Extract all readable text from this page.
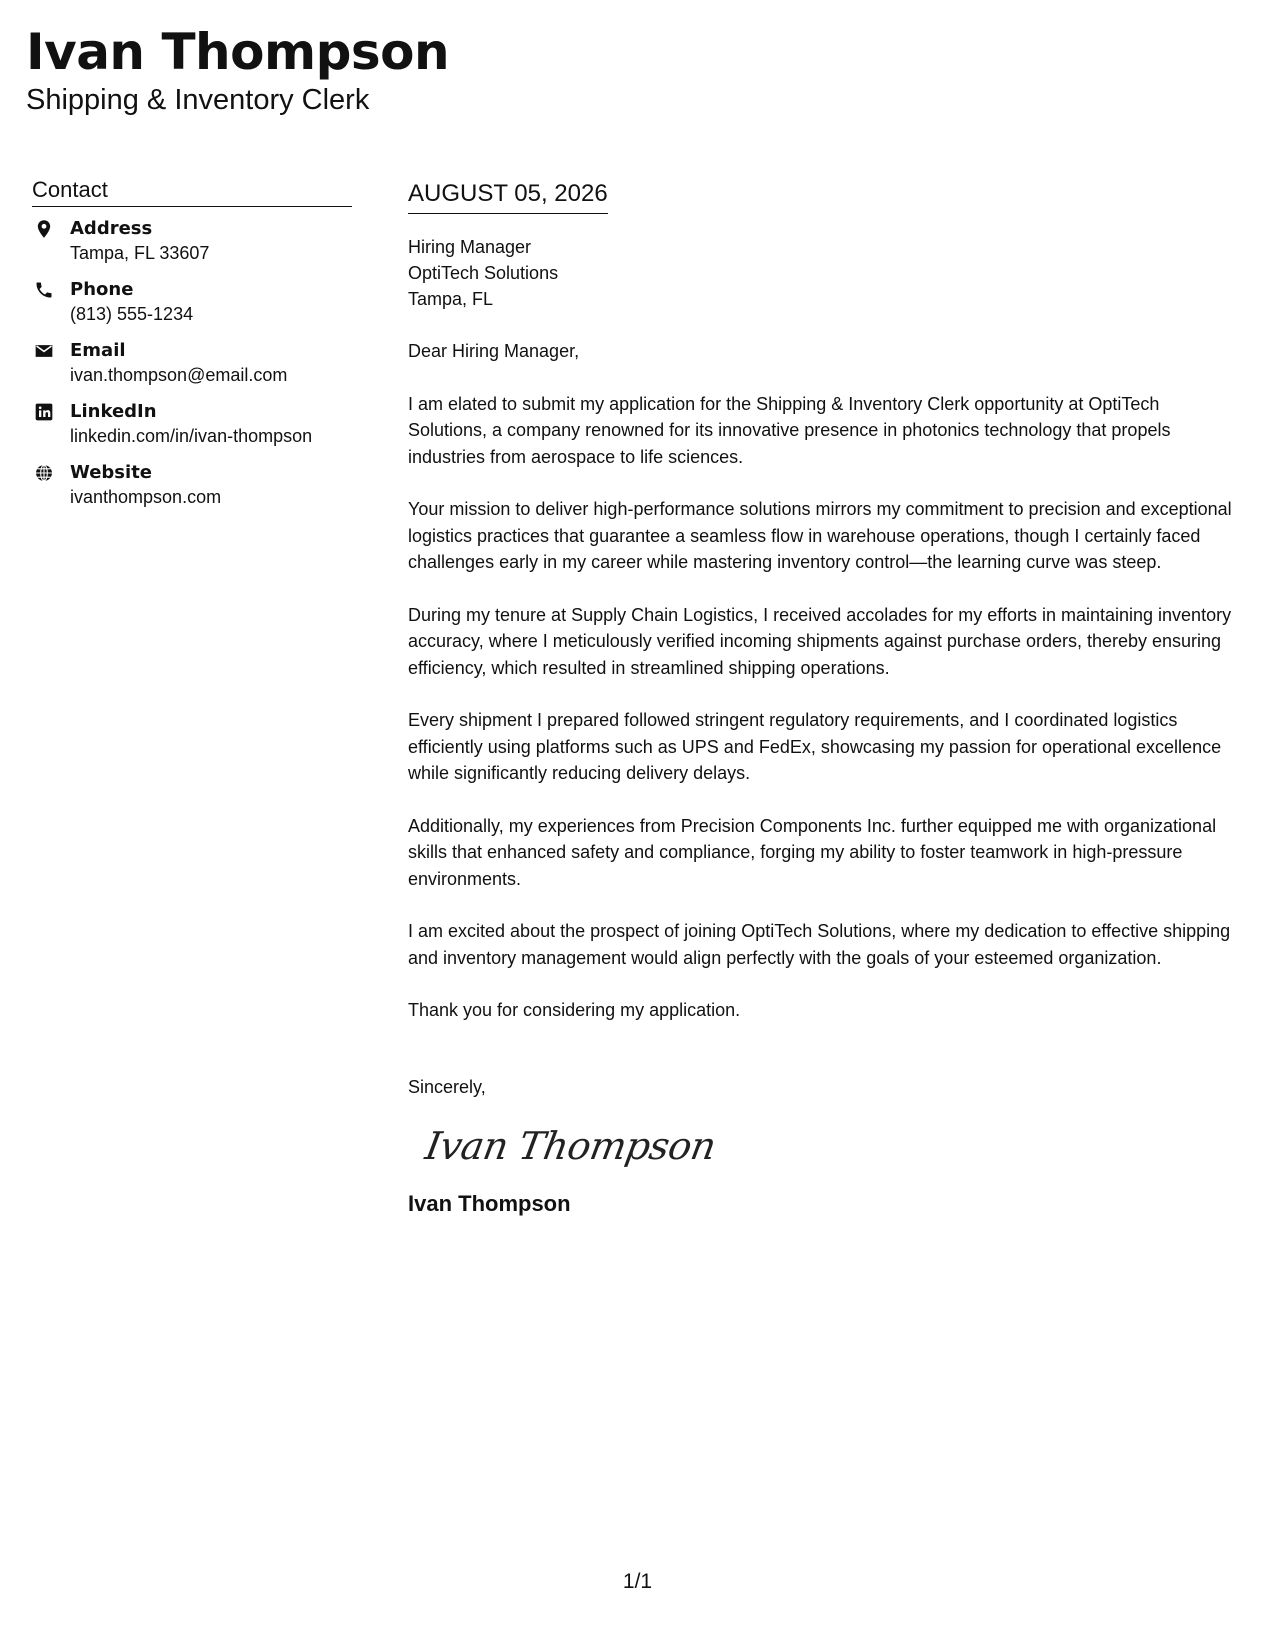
Ivan Thompson
Shipping & Inventory Clerk
Contact
Address
Tampa, FL 33607
Phone
(813) 555-1234
Email
ivan.thompson@email.com
LinkedIn
linkedin.com/in/ivan-thompson
Website
ivanthompson.com
AUGUST 05, 2026
Hiring Manager
OptiTech Solutions
Tampa, FL

Dear Hiring Manager,

I am elated to submit my application for the Shipping & Inventory Clerk opportunity at OptiTech Solutions, a company renowned for its innovative presence in photonics technology that propels industries from aerospace to life sciences.

Your mission to deliver high-performance solutions mirrors my commitment to precision and exceptional logistics practices that guarantee a seamless flow in warehouse operations, though I certainly faced challenges early in my career while mastering inventory control—the learning curve was steep.

During my tenure at Supply Chain Logistics, I received accolades for my efforts in maintaining inventory accuracy, where I meticulously verified incoming shipments against purchase orders, thereby ensuring efficiency, which resulted in streamlined shipping operations.

Every shipment I prepared followed stringent regulatory requirements, and I coordinated logistics efficiently using platforms such as UPS and FedEx, showcasing my passion for operational excellence while significantly reducing delivery delays.

Additionally, my experiences from Precision Components Inc. further equipped me with organizational skills that enhanced safety and compliance, forging my ability to foster teamwork in high-pressure environments.

I am excited about the prospect of joining OptiTech Solutions, where my dedication to effective shipping and inventory management would align perfectly with the goals of your esteemed organization.

Thank you for considering my application.

Sincerely,
Ivan Thompson
Ivan Thompson
1/1
